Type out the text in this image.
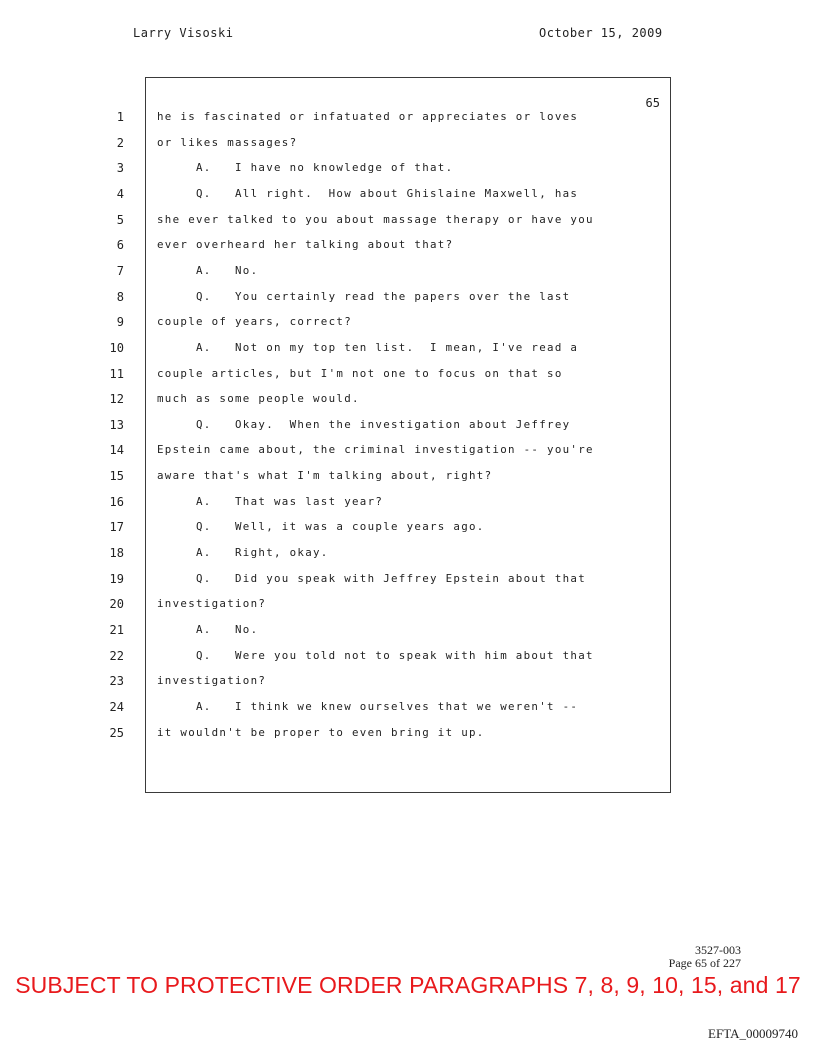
Larry Visoski	October 15, 2009
65
1	he is fascinated or infatuated or appreciates or loves
2	or likes massages?
3	A.   I have no knowledge of that.
4	Q.   All right.  How about Ghislaine Maxwell, has
5	she ever talked to you about massage therapy or have you
6	ever overheard her talking about that?
7	A.   No.
8	Q.   You certainly read the papers over the last
9	couple of years, correct?
10	A.   Not on my top ten list.  I mean, I've read a
11	couple articles, but I'm not one to focus on that so
12	much as some people would.
13	Q.   Okay.  When the investigation about Jeffrey
14	Epstein came about, the criminal investigation -- you're
15	aware that's what I'm talking about, right?
16	A.   That was last year?
17	Q.   Well, it was a couple years ago.
18	A.   Right, okay.
19	Q.   Did you speak with Jeffrey Epstein about that
20	investigation?
21	A.   No.
22	Q.   Were you told not to speak with him about that
23	investigation?
24	A.   I think we knew ourselves that we weren't --
25	it wouldn't be proper to even bring it up.
3527-003
Page 65 of 227
SUBJECT TO PROTECTIVE ORDER PARAGRAPHS 7, 8, 9, 10, 15, and 17
EFTA_00009740
